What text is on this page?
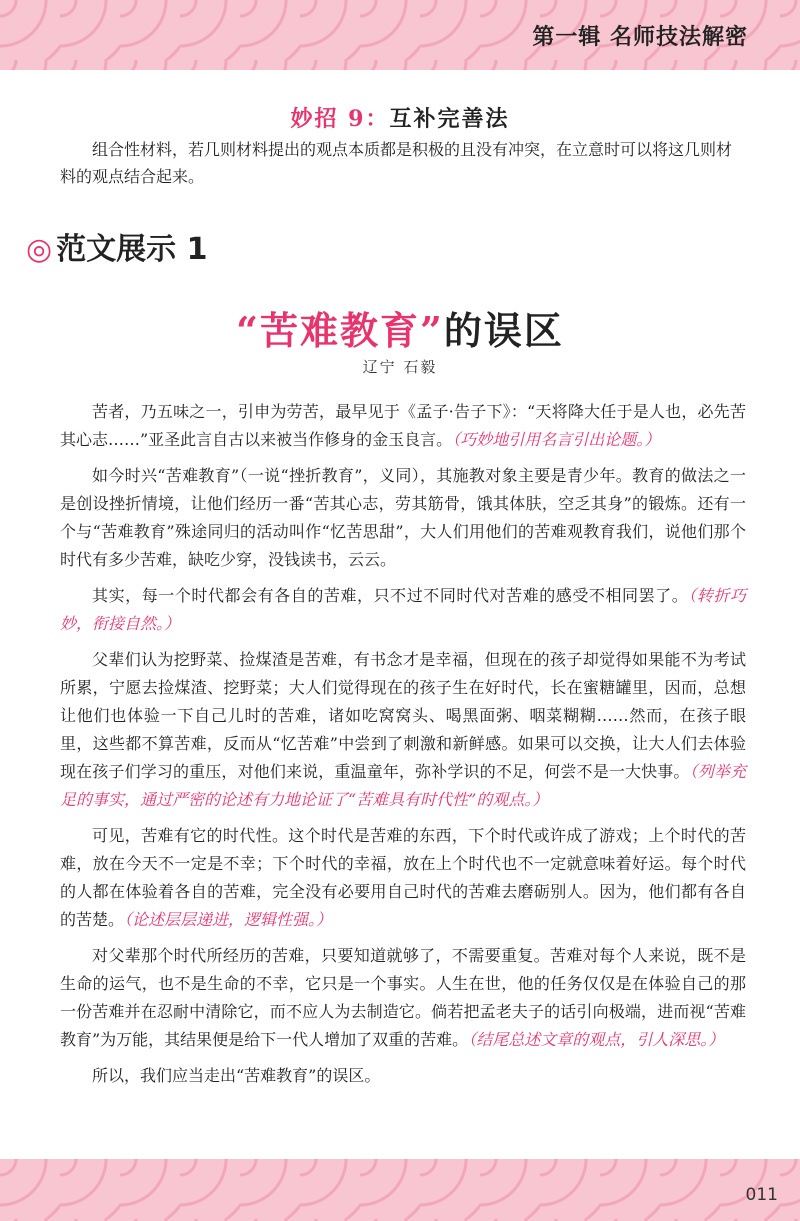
第一辑 名师技法解密
妙招 9：互补完善法

组合性材料，若几则材料提出的观点本质都是积极的且没有冲突，在立意时可以将这几则材料的观点结合起来。

◎ 范文展示 1
“苦难教育”的误区
辽宁 石毅

苦者，乃五味之一，引申为劳苦，最早见于《孟子·告子下》：“天将降大任于是人也，必先苦其心志……”亚圣此言自古以来被当作修身的金玉良言。（巧妙地引用名言引出论题。）

如今时兴“苦难教育”（一说“挫折教育”，义同），其施教对象主要是青少年。教育的做法之一是创设挫折情境，让他们经历一番“苦其心志，劳其筋骨，饿其体肤，空乏其身”的锻炼。还有一个与“苦难教育”殊途同归的活动叫作“忆苦思甜”，大人们用他们的苦难观教育我们，说他们那个时代有多少苦难，缺吃少穿，没钱读书，云云。

其实，每一个时代都会有各自的苦难，只不过不同时代对苦难的感受不相同罢了。（转折巧妙，衔接自然。）

父辈们认为挖野菜、捡煤渣是苦难，有书念才是幸福，但现在的孩子却觉得如果能不为考试所累，宁愿去捡煤渣、挖野菜；大人们觉得现在的孩子生在好时代，长在蜜糖罐里，因而，总想让他们也体验一下自己儿时的苦难，诸如吃窝窝头、喝黑面粥、咽菜糊糊……然而，在孩子眼里，这些都不算苦难，反而从“忆苦难”中尝到了刺激和新鲜感。如果可以交换，让大人们去体验现在孩子们学习的重压，对他们来说，重温童年，弥补学识的不足，何尝不是一大快事。（列举充足的事实，通过严密的论述有力地论证了“苦难具有时代性”的观点。）

可见，苦难有它的时代性。这个时代是苦难的东西，下个时代或许成了游戏；上个时代的苦难，放在今天不一定是不幸；下个时代的幸福，放在上个时代也不一定就意味着好运。每个时代的人都在体验着各自的苦难，完全没有必要用自己时代的苦难去磨砺别人。因为，他们都有各自的苦楚。（论述层层递进，逻辑性强。）

对父辈那个时代所经历的苦难，只要知道就够了，不需要重复。苦难对每个人来说，既不是生命的运气，也不是生命的不幸，它只是一个事实。人生在世，他的任务仅仅是在体验自己的那一份苦难并在忍耐中清除它，而不应人为去制造它。倘若把孟老夫子的话引向极端，进而视“苦难教育”为万能，其结果便是给下一代人增加了双重的苦难。（结尾总述文章的观点，引人深思。）

所以，我们应当走出“苦难教育”的误区。

011
